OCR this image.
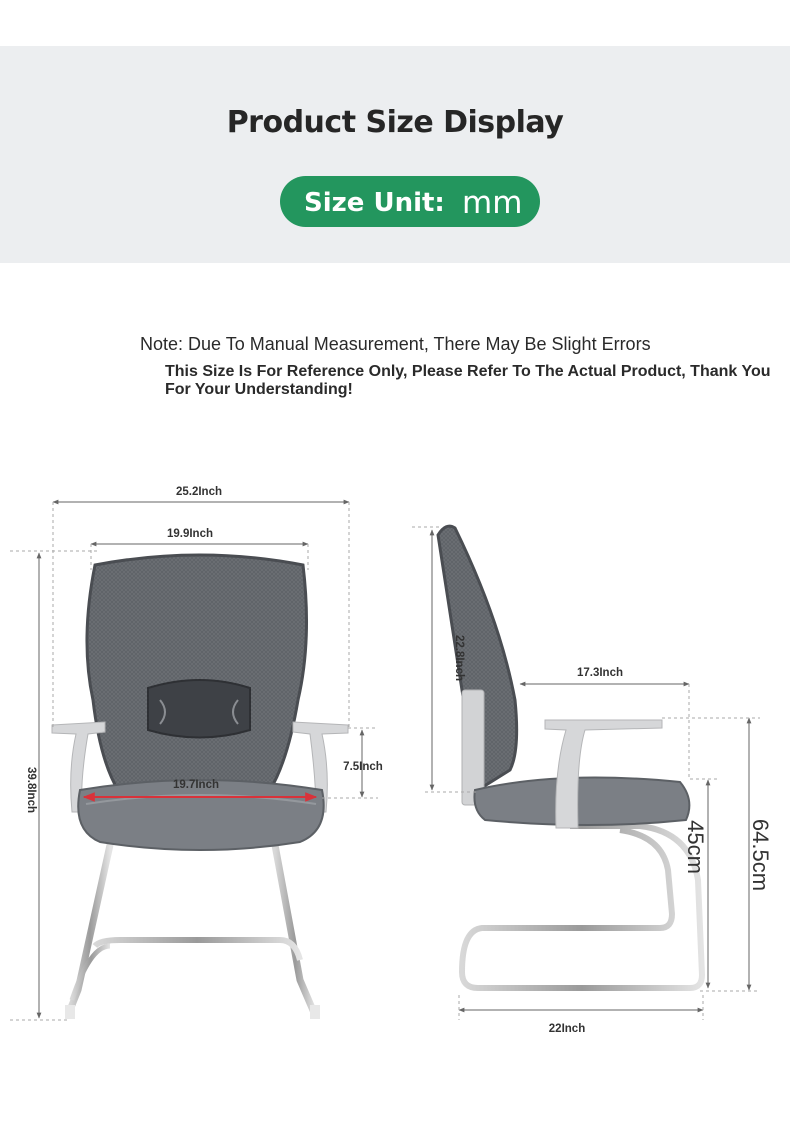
Product Size Display
Size Unit: mm
Note: Due To Manual Measurement, There May Be Slight Errors
This Size Is For Reference Only, Please Refer To The Actual Product, Thank You For Your Understanding!
25.2Inch
19.9Inch
39.8Inch	7.5Inch
19.7Inch
22.8Inch	17.3Inch
45cm 64.5cm
22Inch
